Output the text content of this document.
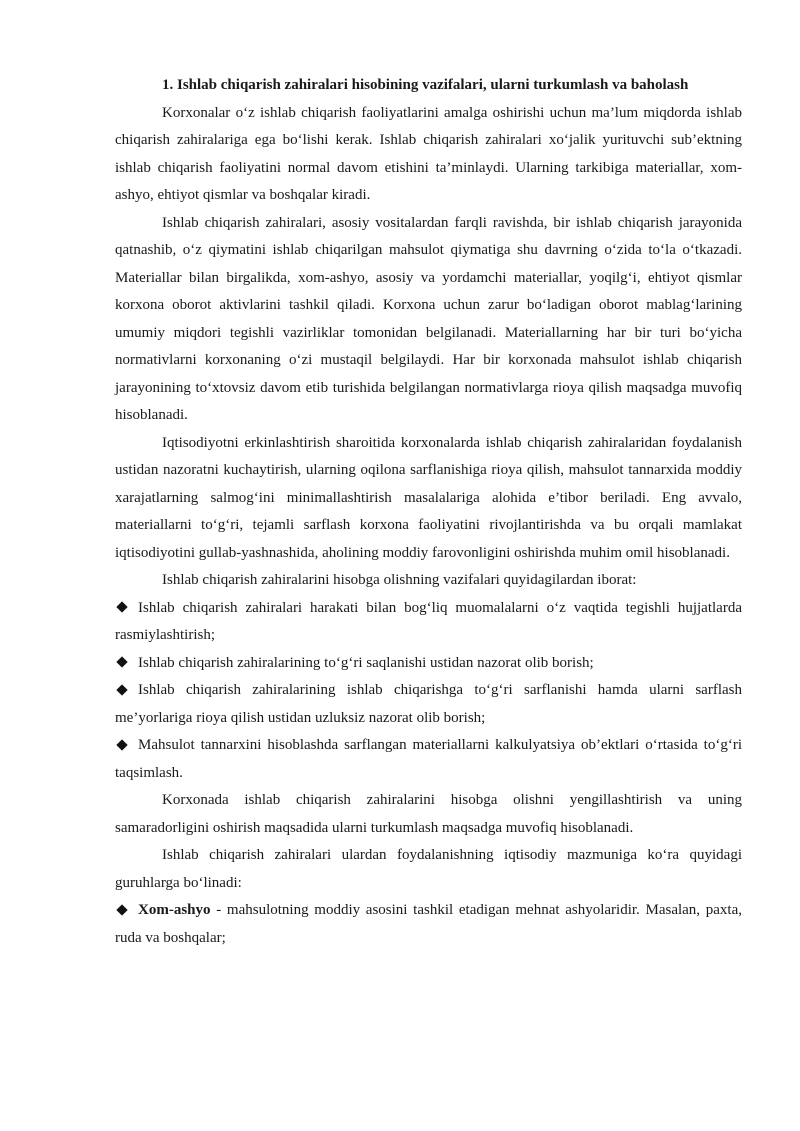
1. Ishlab chiqarish zahiralari hisobining vazifalari, ularni turkumlash va baholash

Korxonalar o‘z ishlab chiqarish faoliyatlarini amalga oshirishi uchun ma’lum miqdorda ishlab chiqarish zahiralariga ega bo‘lishi kerak. Ishlab chiqarish zahiralari xo‘jalik yurituvchi sub’ektning ishlab chiqarish faoliyatini normal davom etishini ta’minlaydi. Ularning tarkibiga materiallar, xom-ashyo, ehtiyot qismlar va boshqalar kiradi.

Ishlab chiqarish zahiralari, asosiy vositalardan farqli ravishda, bir ishlab chiqarish jarayonida qatnashib, o‘z qiymatini ishlab chiqarilgan mahsulot qiymatiga shu davrning o‘zida to‘la o‘tkazadi. Materiallar bilan birgalikda, xom-ashyo, asosiy va yordamchi materiallar, yoqilg‘i, ehtiyot qismlar korxona oborot aktivlarini tashkil qiladi. Korxona uchun zarur bo‘ladigan oborot mablag‘larining umumiy miqdori tegishli vazirliklar tomonidan belgilanadi. Materiallarning har bir turi bo‘yicha normativlarni korxonaning o‘zi mustaqil belgilaydi. Har bir korxonada mahsulot ishlab chiqarish jarayonining to‘xtovsiz davom etib turishida belgilangan normativlarga rioya qilish maqsadga muvofiq hisoblanadi.

Iqtisodiyotni erkinlashtirish sharoitida korxonalarda ishlab chiqarish zahiralaridan foydalanish ustidan nazoratni kuchaytirish, ularning oqilona sarflanishiga rioya qilish, mahsulot tannarxida moddiy xarajatlarning salmog‘ini minimallashtirish masalalariga alohida e’tibor beriladi. Eng avvalo, materiallarni to‘g‘ri, tejamli sarflash korxona faoliyatini rivojlantirishda va bu orqali mamlakat iqtisodiyotini gullab-yashnashida, aholining moddiy farovonligini oshirishda muhim omil hisoblanadi.

Ishlab chiqarish zahiralarini hisobga olishning vazifalari quyidagilardan iborat:

Ishlab chiqarish zahiralari harakati bilan bog‘liq muomalalarni o‘z vaqtida tegishli hujjatlarda rasmiylashtirish;

Ishlab chiqarish zahiralarining to‘g‘ri saqlanishi ustidan nazorat olib borish;

Ishlab chiqarish zahiralarining ishlab chiqarishga to‘g‘ri sarflanishi hamda ularni sarflash me’yorlariga rioya qilish ustidan uzluksiz nazorat olib borish;

Mahsulot tannarxini hisoblashda sarflangan materiallarni kalkulyatsiya ob’ektlari o‘rtasida to‘g‘ri taqsimlash.

Korxonada ishlab chiqarish zahiralarini hisobga olishni yengillashtirish va uning samaradorligini oshirish maqsadida ularni turkumlash maqsadga muvofiq hisoblanadi.

Ishlab chiqarish zahiralari ulardan foydalanishning iqtisodiy mazmuniga ko‘ra quyidagi guruhlarga bo‘linadi:

Xom-ashyo - mahsulotning moddiy asosini tashkil etadigan mehnat ashyolaridir. Masalan, paxta, ruda va boshqalar;
